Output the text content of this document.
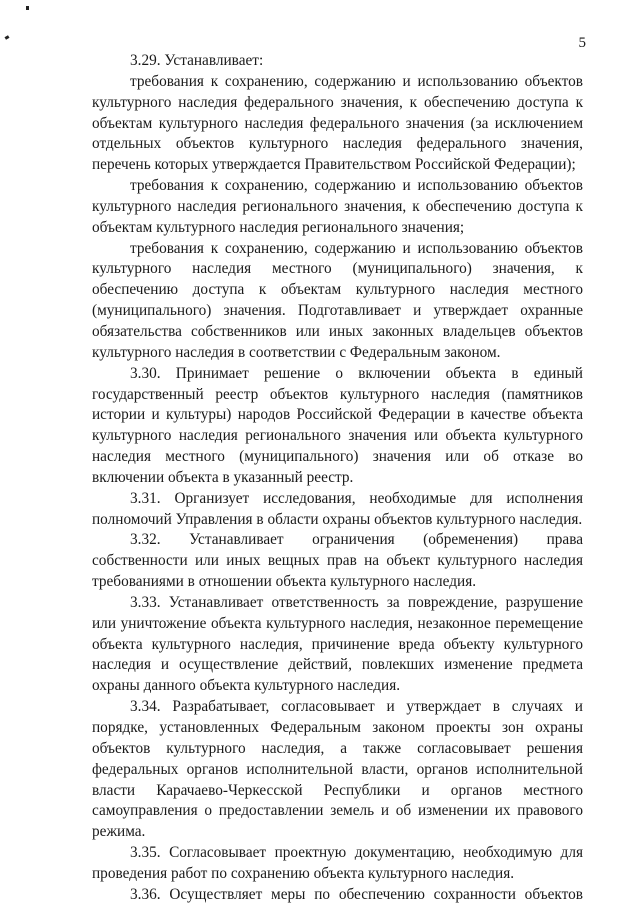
5

3.29. Устанавливает:

требования к сохранению, содержанию и использованию объектов культурного наследия федерального значения, к обеспечению доступа к объектам культурного наследия федерального значения (за исключением отдельных объектов культурного наследия федерального значения, перечень которых утверждается Правительством Российской Федерации);

требования к сохранению, содержанию и использованию объектов культурного наследия регионального значения, к обеспечению доступа к объектам культурного наследия регионального значения;

требования к сохранению, содержанию и использованию объектов культурного наследия местного (муниципального) значения, к обеспечению доступа к объектам культурного наследия местного (муниципального) значения. Подготавливает и утверждает охранные обязательства собственников или иных законных владельцев объектов культурного наследия в соответствии с Федеральным законом.

3.30. Принимает решение о включении объекта в единый государственный реестр объектов культурного наследия (памятников истории и культуры) народов Российской Федерации в качестве объекта культурного наследия регионального значения или объекта культурного наследия местного (муниципального) значения или об отказе во включении объекта в указанный реестр.

3.31. Организует исследования, необходимые для исполнения полномочий Управления в области охраны объектов культурного наследия.

3.32. Устанавливает ограничения (обременения) права собственности или иных вещных прав на объект культурного наследия требованиями в отношении объекта культурного наследия.

3.33. Устанавливает ответственность за повреждение, разрушение или уничтожение объекта культурного наследия, незаконное перемещение объекта культурного наследия, причинение вреда объекту культурного наследия и осуществление действий, повлекших изменение предмета охраны данного объекта культурного наследия.

3.34. Разрабатывает, согласовывает и утверждает в случаях и порядке, установленных Федеральным законом проекты зон охраны объектов культурного наследия, а также согласовывает решения федеральных органов исполнительной власти, органов исполнительной власти Карачаево-Черкесской Республики и органов местного самоуправления о предоставлении земель и об изменении их правового режима.

3.35. Согласовывает проектную документацию, необходимую для проведения работ по сохранению объекта культурного наследия.

3.36. Осуществляет меры по обеспечению сохранности объектов
